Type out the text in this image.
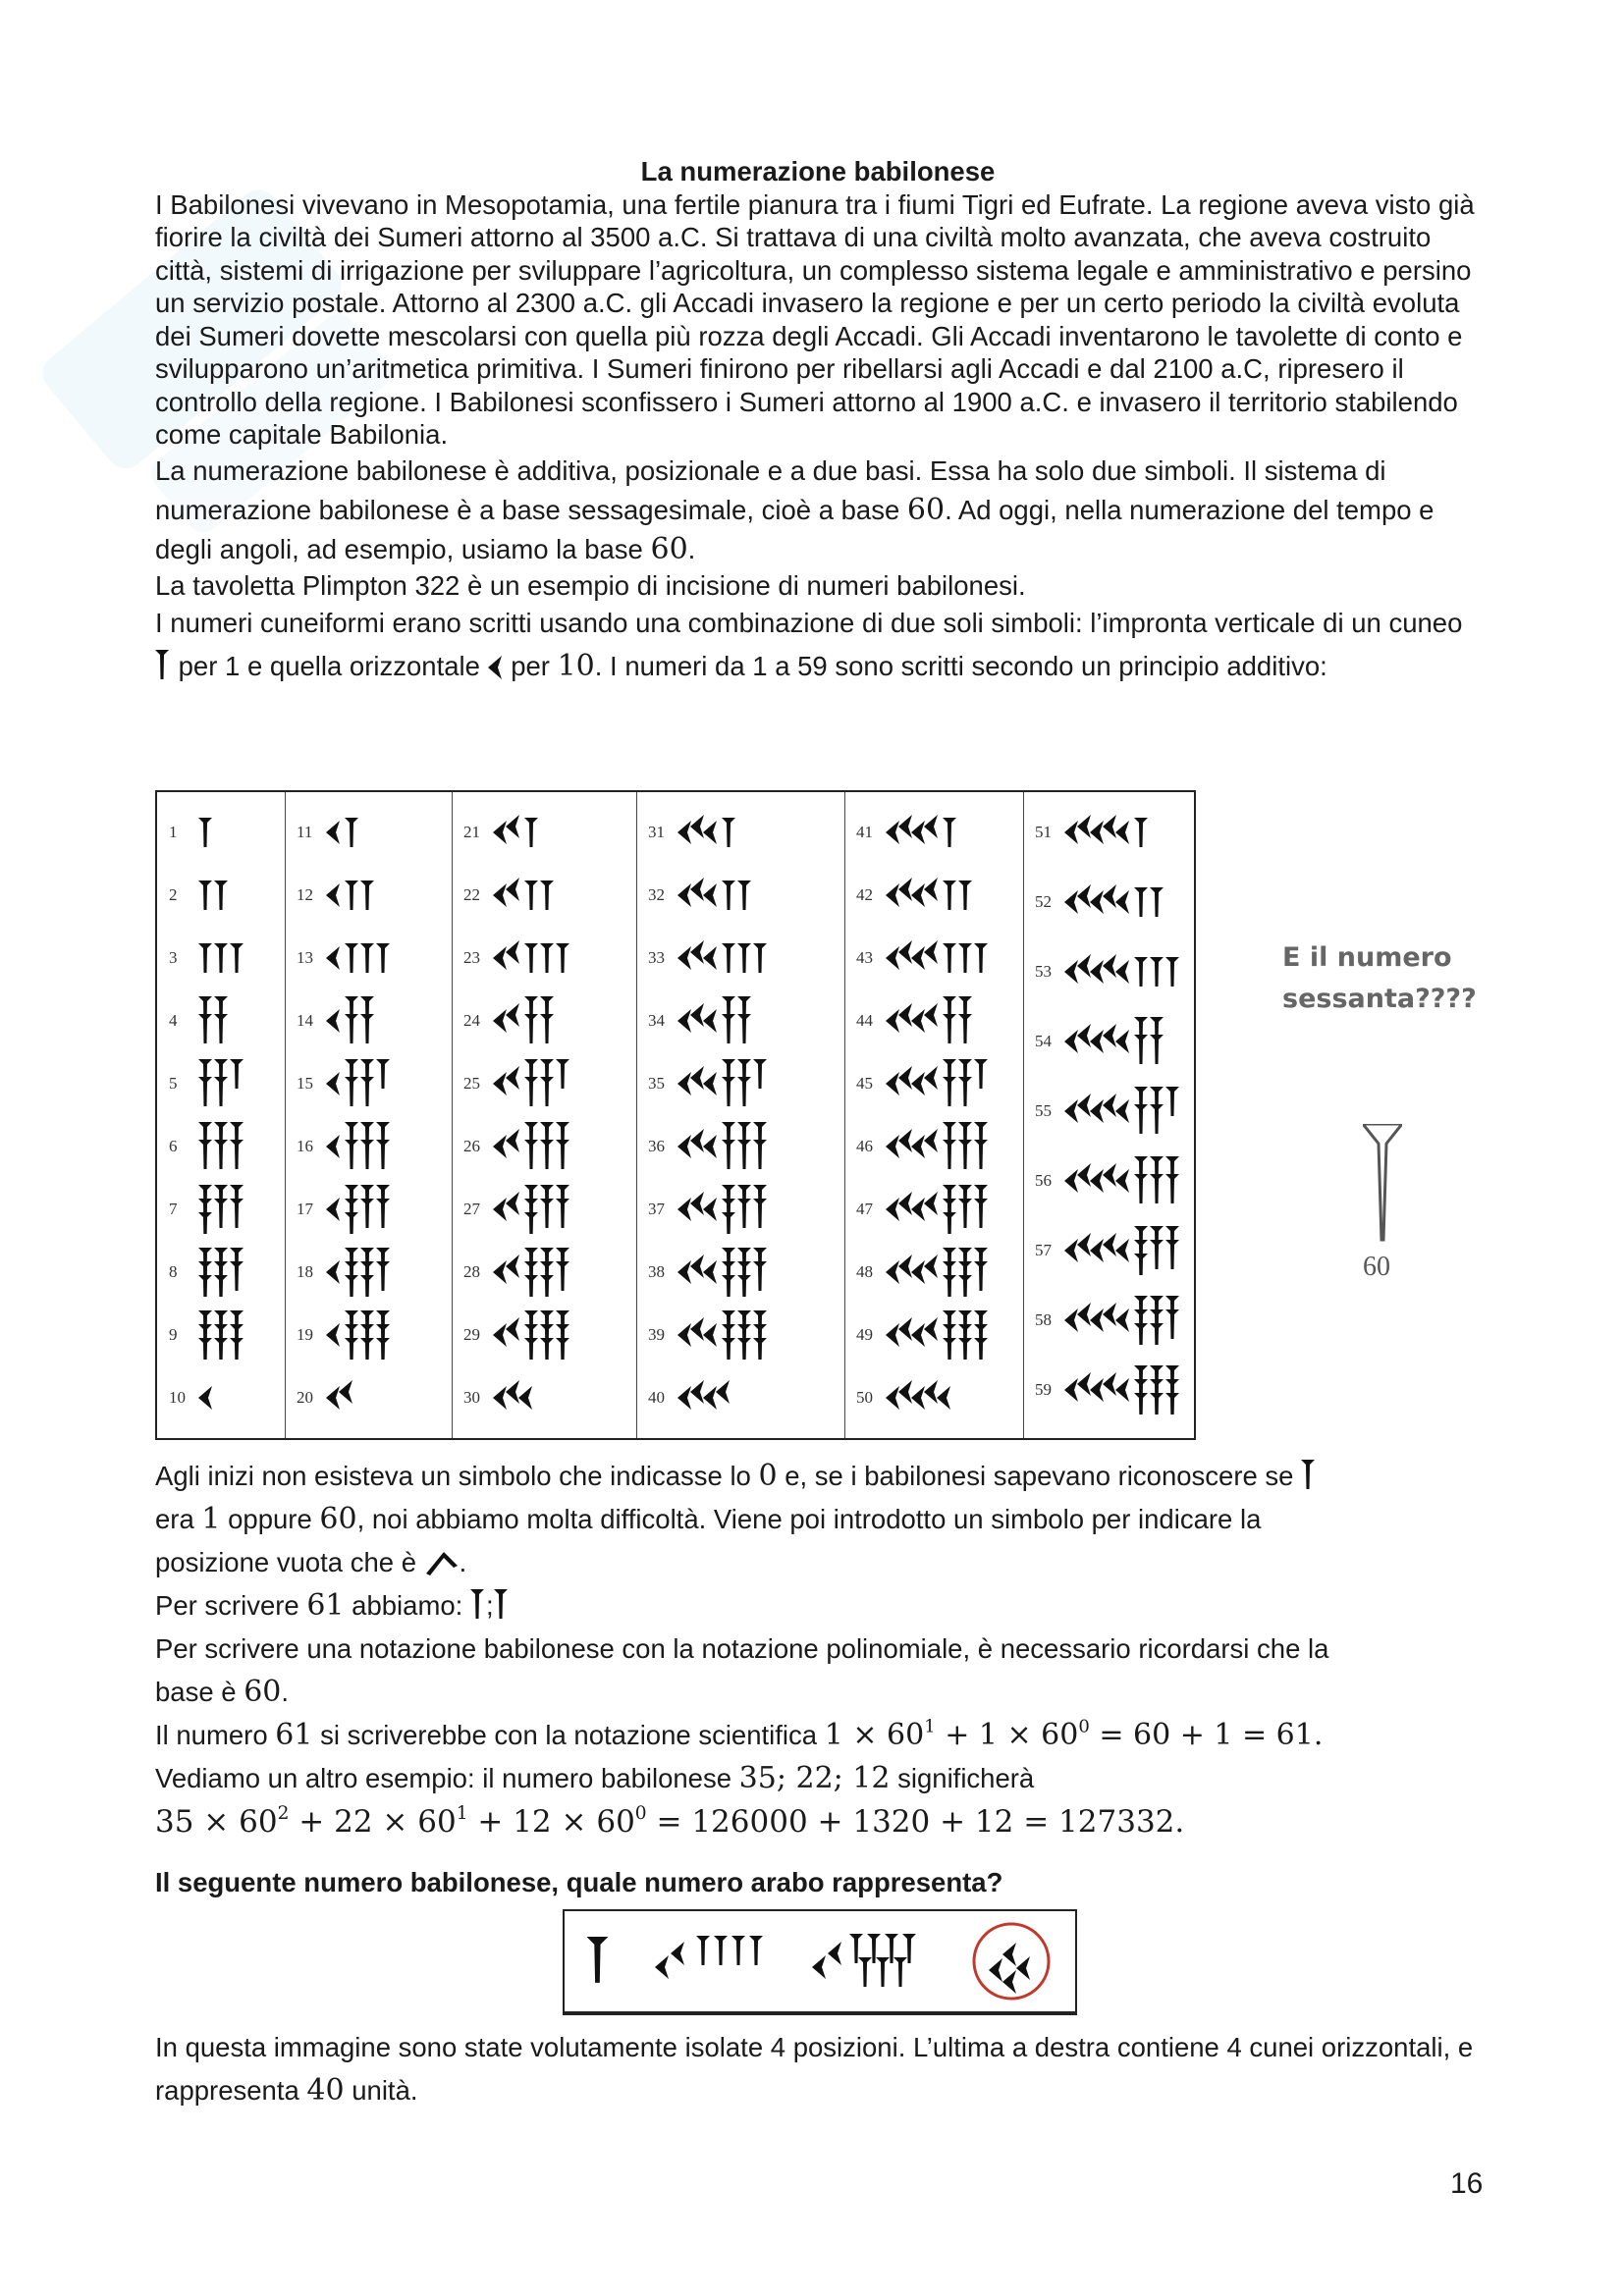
La numerazione babilonese

I Babilonesi vivevano in Mesopotamia, una fertile pianura tra i fiumi Tigri ed Eufrate. La regione aveva visto già fiorire la civiltà dei Sumeri attorno al 3500 a.C. Si trattava di una civiltà molto avanzata, che aveva costruito città, sistemi di irrigazione per sviluppare l’agricoltura, un complesso sistema legale e amministrativo e persino un servizio postale. Attorno al 2300 a.C. gli Accadi invasero la regione e per un certo periodo la civiltà evoluta dei Sumeri dovette mescolarsi con quella più rozza degli Accadi. Gli Accadi inventarono le tavolette di conto e svilupparono un’aritmetica primitiva. I Sumeri finirono per ribellarsi agli Accadi e dal 2100 a.C, ripresero il controllo della regione. I Babilonesi sconfissero i Sumeri attorno al 1900 a.C. e invasero il territorio stabilendo come capitale Babilonia.

La numerazione babilonese è additiva, posizionale e a due basi. Essa ha solo due simboli. Il sistema di numerazione babilonese è a base sessagesimale, cioè a base 60. Ad oggi, nella numerazione del tempo e degli angoli, ad esempio, usiamo la base 60.

La tavoletta Plimpton 322 è un esempio di incisione di numeri babilonesi.

I numeri cuneiformi erano scritti usando una combinazione di due soli simboli: l’impronta verticale di un cuneo  per 1 e quella orizzontale  per 10. I numeri da 1 a 59 sono scritti secondo un principio additivo:

1
2
3
4
5
6
7
8
9
10
11
12
13
14
15
16
17
18
19
20
21
22
23
24
25
26
27
28
29
30
31
32
33
34
35
36
37
38
39
40
41
42
43
44
45
46
47
48
49
50
51
52
53
54
55
56
57
58
59
E il numero
sessanta????
60
Agli inizi non esisteva un simbolo che indicasse lo 0 e, se i babilonesi sapevano riconoscere se
era 1 oppure 60, noi abbiamo molta difficoltà. Viene poi introdotto un simbolo per indicare la
posizione vuota che è .
Per scrivere 61 abbiamo: ;
Per scrivere una notazione babilonese con la notazione polinomiale, è necessario ricordarsi che la
base è 60.
Il numero 61 si scriverebbe con la notazione scientifica $1 \times 60^1 + 1 \times 60^0 = 60 + 1 = 61$.
Vediamo un altro esempio: il numero babilonese 35; 22; 12 significherà
$35 \times 60^2 + 22 \times 60^1 + 12 \times 60^0 = 126000 + 1320 + 12 = 127332$.
Il seguente numero babilonese, quale numero arabo rappresenta?
In questa immagine sono state volutamente isolate 4 posizioni. L’ultima a destra contiene 4 cunei orizzontali, e rappresenta 40 unità.
16
